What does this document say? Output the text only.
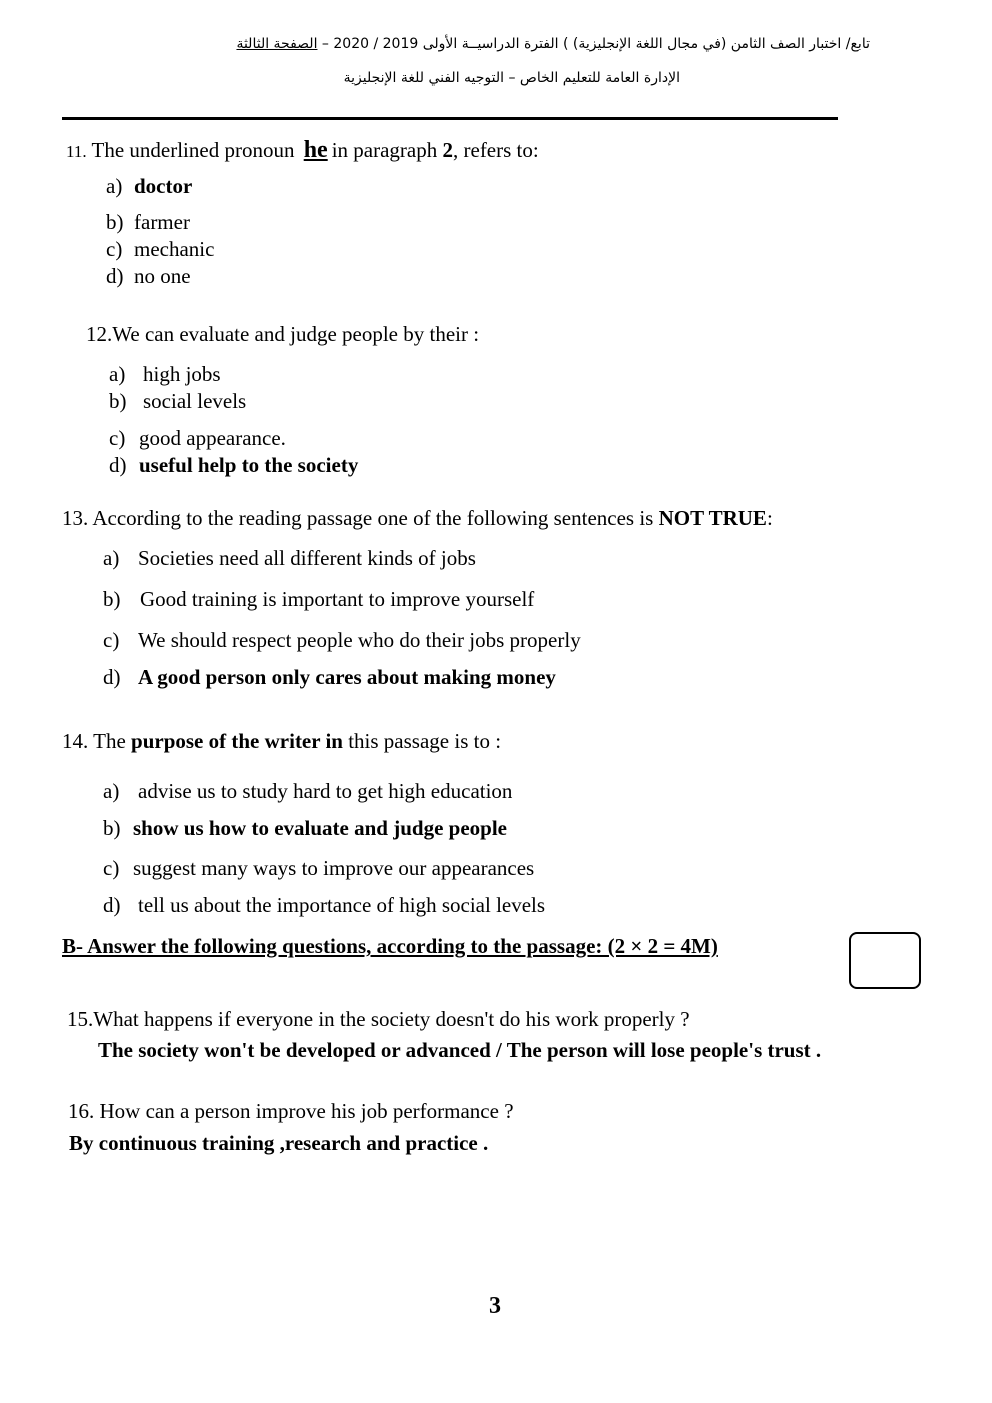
تابع/ اختبار الصف الثامن (في مجال اللغة الإنجليزية) ) الفترة الدراسيــة الأولى 2019 / 2020 – الصفحة الثالثة
الإدارة العامة للتعليم الخاص – التوجيه الفني للغة الإنجليزية
11. The underlined pronoun he in paragraph 2, refers to:
a) doctor
b) farmer
c) mechanic
d) no one
12.We can evaluate and judge people by their :
a) high jobs
b) social levels
c) good appearance.
d) useful help to the society
13. According to the reading passage one of the following sentences is NOT TRUE:
a) Societies need all different kinds of jobs
b) Good training is important to improve yourself
c) We should respect people who do their jobs properly
d) A good person only cares about making money
14. The purpose of the writer in this passage is to :
a) advise us to study hard to get high education
b) show us how to evaluate and judge people
c) suggest many ways to improve our appearances
d) tell us about the importance of high social levels
B- Answer the following questions, according to the passage: (2 × 2 = 4M)
15.What happens if everyone in the society doesn't do his work properly ?
The society won't be developed or advanced / The person will lose people's trust .
16. How can a person improve his job performance ?
By continuous training ,research and practice .
3
